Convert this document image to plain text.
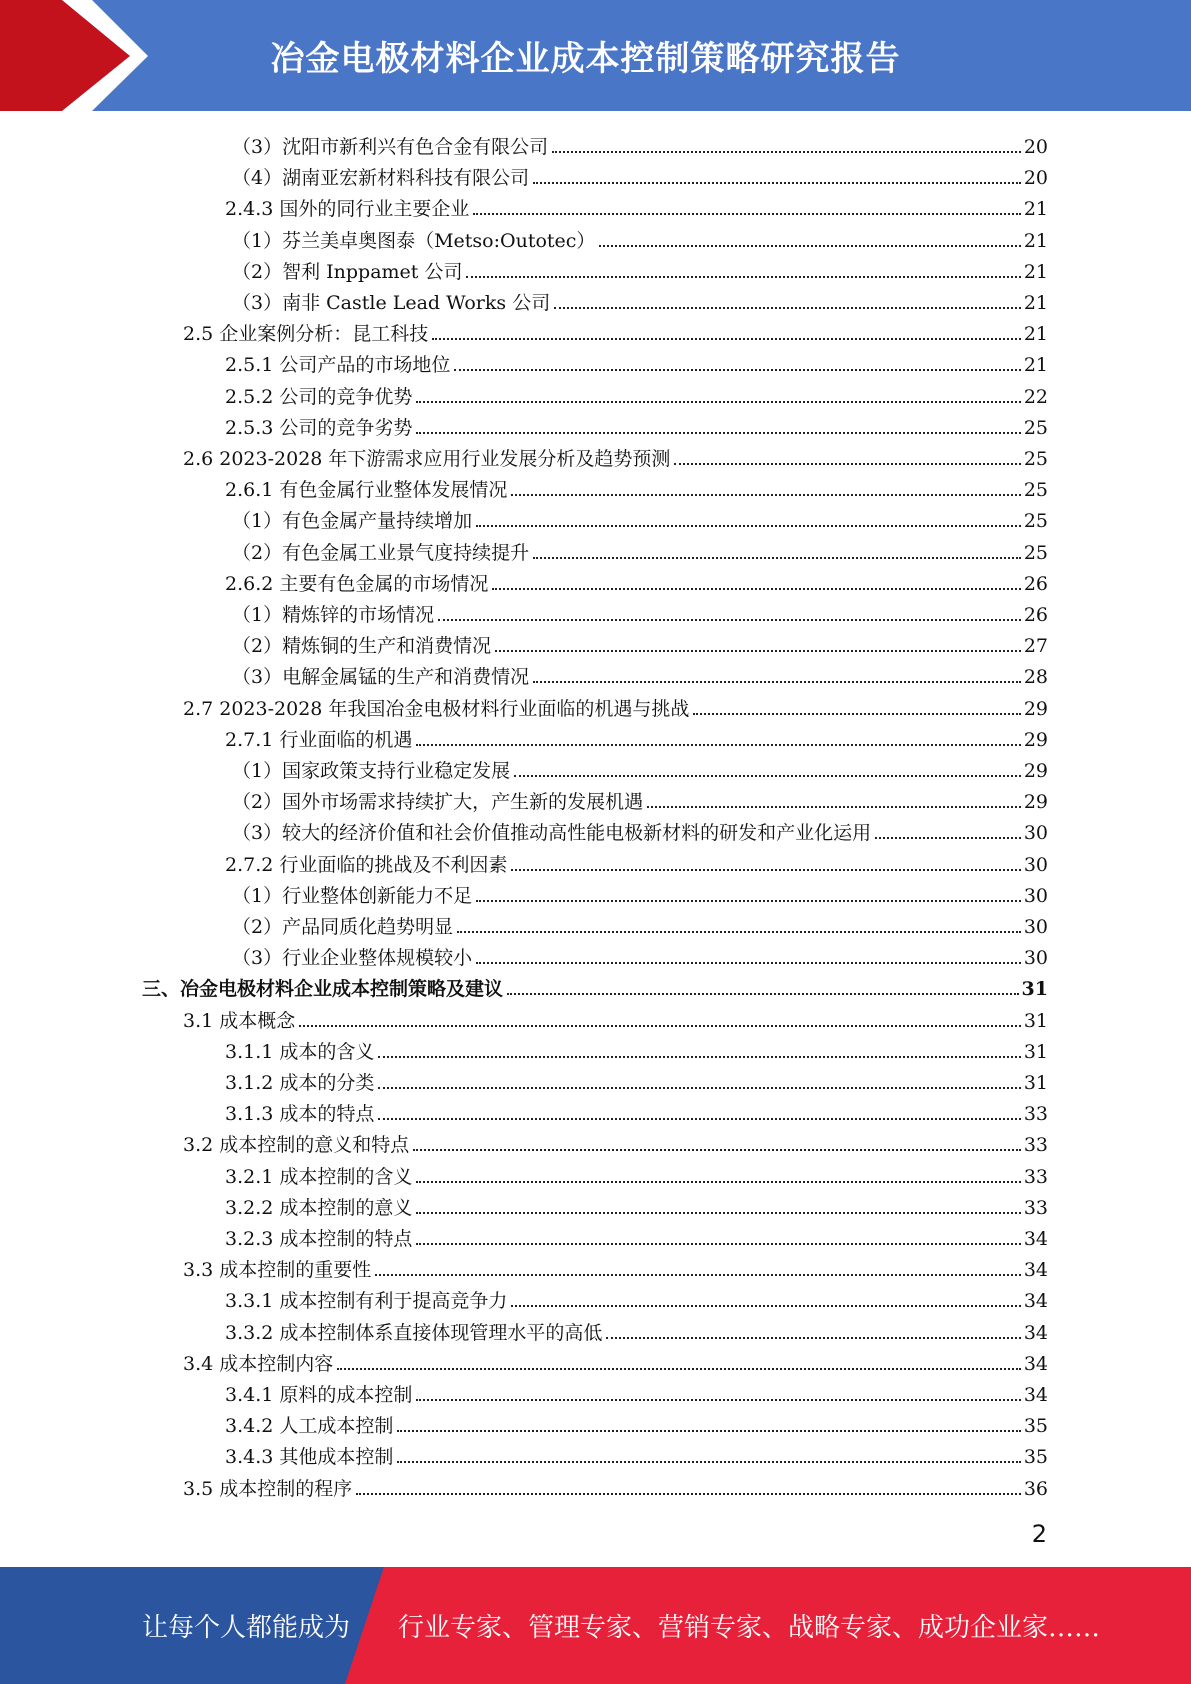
冶金电极材料企业成本控制策略研究报告
（3）沈阳市新利兴有色合金有限公司	20
（4）湖南亚宏新材料科技有限公司	20
2.4.3 国外的同行业主要企业	21
（1）芬兰美卓奥图泰（Metso:Outotec）	21
（2）智利 Inppamet 公司	21
（3）南非 Castle Lead Works 公司	21
2.5 企业案例分析：昆工科技	21
2.5.1 公司产品的市场地位	21
2.5.2 公司的竞争优势	22
2.5.3 公司的竞争劣势	25
2.6 2023-2028 年下游需求应用行业发展分析及趋势预测	25
2.6.1 有色金属行业整体发展情况	25
（1）有色金属产量持续增加	25
（2）有色金属工业景气度持续提升	25
2.6.2 主要有色金属的市场情况	26
（1）精炼锌的市场情况	26
（2）精炼铜的生产和消费情况	27
（3）电解金属锰的生产和消费情况	28
2.7 2023-2028 年我国冶金电极材料行业面临的机遇与挑战	29
2.7.1 行业面临的机遇	29
（1）国家政策支持行业稳定发展	29
（2）国外市场需求持续扩大，产生新的发展机遇	29
（3）较大的经济价值和社会价值推动高性能电极新材料的研发和产业化运用	30
2.7.2 行业面临的挑战及不利因素	30
（1）行业整体创新能力不足	30
（2）产品同质化趋势明显	30
（3）行业企业整体规模较小	30
三、冶金电极材料企业成本控制策略及建议	31
3.1 成本概念	31
3.1.1 成本的含义	31
3.1.2 成本的分类	31
3.1.3 成本的特点	33
3.2 成本控制的意义和特点	33
3.2.1 成本控制的含义	33
3.2.2 成本控制的意义	33
3.2.3 成本控制的特点	34
3.3 成本控制的重要性	34
3.3.1 成本控制有利于提高竞争力	34
3.3.2 成本控制体系直接体现管理水平的高低	34
3.4 成本控制内容	34
3.4.1 原料的成本控制	34
3.4.2 人工成本控制	35
3.4.3 其他成本控制	35
3.5 成本控制的程序	36
2
让每个人都能成为 行业专家、管理专家、营销专家、战略专家、成功企业家……
